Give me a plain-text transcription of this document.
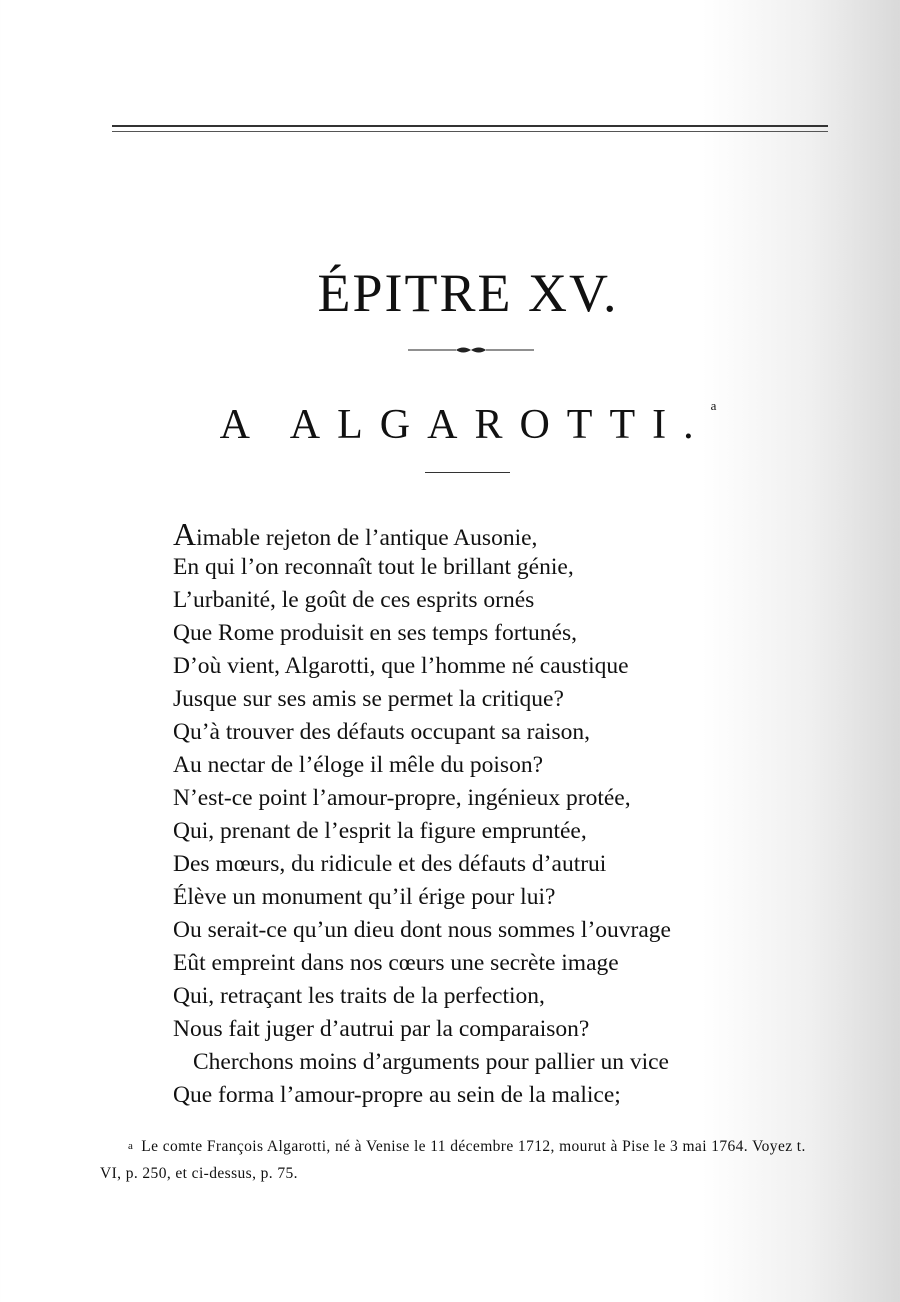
ÉPITRE XV.
A ALGAROTTI.$^a$
Aimable rejeton de l’antique Ausonie,
En qui l’on reconnaît tout le brillant génie,
L’urbanité, le goût de ces esprits ornés
Que Rome produisit en ses temps fortunés,
D’où vient, Algarotti, que l’homme né caustique
Jusque sur ses amis se permet la critique?
Qu’à trouver des défauts occupant sa raison,
Au nectar de l’éloge il mêle du poison?
N’est-ce point l’amour-propre, ingénieux protée,
Qui, prenant de l’esprit la figure empruntée,
Des mœurs, du ridicule et des défauts d’autrui
Élève un monument qu’il érige pour lui?
Ou serait-ce qu’un dieu dont nous sommes l’ouvrage
Eût empreint dans nos cœurs une secrète image
Qui, retraçant les traits de la perfection,
Nous fait juger d’autrui par la comparaison?
Cherchons moins d’arguments pour pallier un vice
Que forma l’amour-propre au sein de la malice;
a Le comte François Algarotti, né à Venise le 11 décembre 1712, mourut à Pise le 3 mai 1764. Voyez t. VI, p. 250, et ci-dessus, p. 75.
